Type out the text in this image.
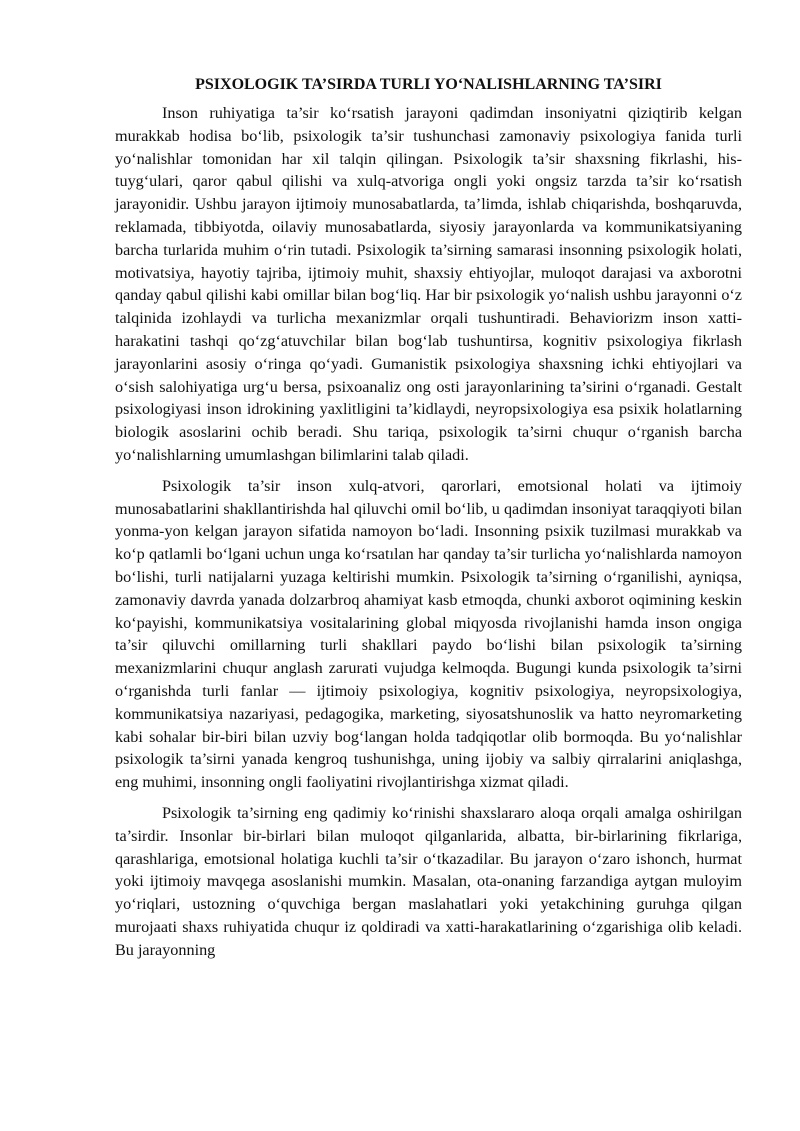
PSIXOLOGIK TA’SIRDA TURLI YO‘NALISHLARNING TA’SIRI

Inson ruhiyatiga ta’sir ko‘rsatish jarayoni qadimdan insoniyatni qiziqtirib kelgan murakkab hodisa bo‘lib, psixologik ta’sir tushunchasi zamonaviy psixologiya fanida turli yo‘nalishlar tomonidan har xil talqin qilingan. Psixologik ta’sir shaxsning fikrlashi, his-tuyg‘ulari, qaror qabul qilishi va xulq-atvoriga ongli yoki ongsiz tarzda ta’sir ko‘rsatish jarayonidir. Ushbu jarayon ijtimoiy munosabatlarda, ta’limda, ishlab chiqarishda, boshqaruvda, reklamada, tibbiyotda, oilaviy munosabatlarda, siyosiy jarayonlarda va kommunikatsiyaning barcha turlarida muhim o‘rin tutadi. Psixologik ta’sirning samarasi insonning psixologik holati, motivatsiya, hayotiy tajriba, ijtimoiy muhit, shaxsiy ehtiyojlar, muloqot darajasi va axborotni qanday qabul qilishi kabi omillar bilan bog‘liq. Har bir psixologik yo‘nalish ushbu jarayonni o‘z talqinida izohlaydi va turlicha mexanizmlar orqali tushuntiradi. Behaviorizm inson xatti-harakatini tashqi qo‘zg‘atuvchilar bilan bog‘lab tushuntirsa, kognitiv psixologiya fikrlash jarayonlarini asosiy o‘ringa qo‘yadi. Gumanistik psixologiya shaxsning ichki ehtiyojlari va o‘sish salohiyatiga urg‘u bersa, psixoanaliz ong osti jarayonlarining ta’sirini o‘rganadi. Gestalt psixologiyasi inson idrokining yaxlitligini ta’kidlaydi, neyropsixologiya esa psixik holatlarning biologik asoslarini ochib beradi. Shu tariqa, psixologik ta’sirni chuqur o‘rganish barcha yo‘nalishlarning umumlashgan bilimlarini talab qiladi.

Psixologik ta’sir inson xulq-atvori, qarorlari, emotsional holati va ijtimoiy munosabatlarini shakllantirishda hal qiluvchi omil bo‘lib, u qadimdan insoniyat taraqqiyoti bilan yonma-yon kelgan jarayon sifatida namoyon bo‘ladi. Insonning psixik tuzilmasi murakkab va ko‘p qatlamli bo‘lgani uchun unga ko‘rsatılan har qanday ta’sir turlicha yo‘nalishlarda namoyon bo‘lishi, turli natijalarni yuzaga keltirishi mumkin. Psixologik ta’sirning o‘rganilishi, ayniqsa, zamonaviy davrda yanada dolzarbroq ahamiyat kasb etmoqda, chunki axborot oqimining keskin ko‘payishi, kommunikatsiya vositalarining global miqyosda rivojlanishi hamda inson ongiga ta’sir qiluvchi omillarning turli shakllari paydo bo‘lishi bilan psixologik ta’sirning mexanizmlarini chuqur anglash zarurati vujudga kelmoqda. Bugungi kunda psixologik ta’sirni o‘rganishda turli fanlar — ijtimoiy psixologiya, kognitiv psixologiya, neyropsixologiya, kommunikatsiya nazariyasi, pedagogika, marketing, siyosatshunoslik va hatto neyromarketing kabi sohalar bir-biri bilan uzviy bog‘langan holda tadqiqotlar olib bormoqda. Bu yo‘nalishlar psixologik ta’sirni yanada kengroq tushunishga, uning ijobiy va salbiy qirralarini aniqlashga, eng muhimi, insonning ongli faoliyatini rivojlantirishga xizmat qiladi.

Psixologik ta’sirning eng qadimiy ko‘rinishi shaxslararo aloqa orqali amalga oshirilgan ta’sirdir. Insonlar bir-birlari bilan muloqot qilganlarida, albatta, bir-birlarining fikrlariga, qarashlariga, emotsional holatiga kuchli ta’sir o‘tkazadilar. Bu jarayon o‘zaro ishonch, hurmat yoki ijtimoiy mavqega asoslanishi mumkin. Masalan, ota-onaning farzandiga aytgan muloyim yo‘riqlari, ustozning o‘quvchiga bergan maslahatlari yoki yetakchining guruhga qilgan murojaati shaxs ruhiyatida chuqur iz qoldiradi va xatti-harakatlarining o‘zgarishiga olib keladi. Bu jarayonning
